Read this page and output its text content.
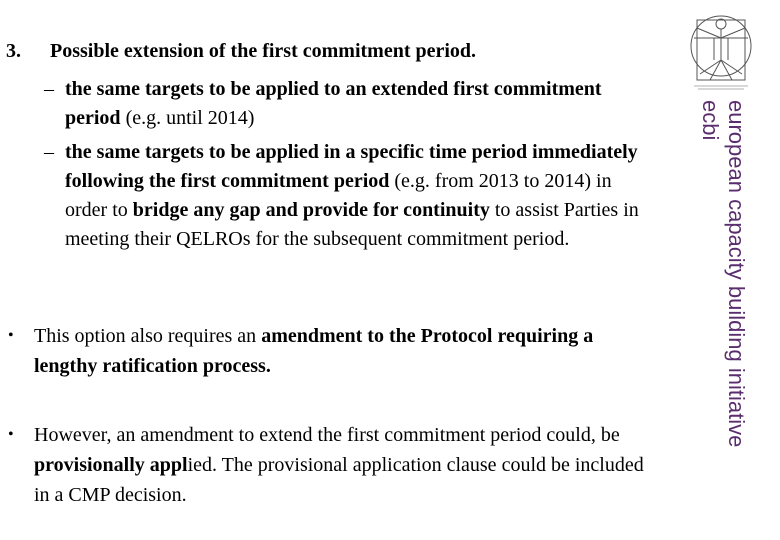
3. Possible extension of the first commitment period.
– the same targets to be applied to an extended first commitment period (e.g. until 2014)
– the same targets to be applied in a specific time period immediately following the first commitment period (e.g. from 2013 to 2014) in order to bridge any gap and provide for continuity to assist Parties in meeting their QELROs for the subsequent commitment period.
•	This option also requires an amendment to the Protocol requiring a lengthy ratification process.
•	However, an amendment to extend the first commitment period could, be provisionally applied. The provisional application clause could be included in a CMP decision.
european capacity building initiative
ecbi
